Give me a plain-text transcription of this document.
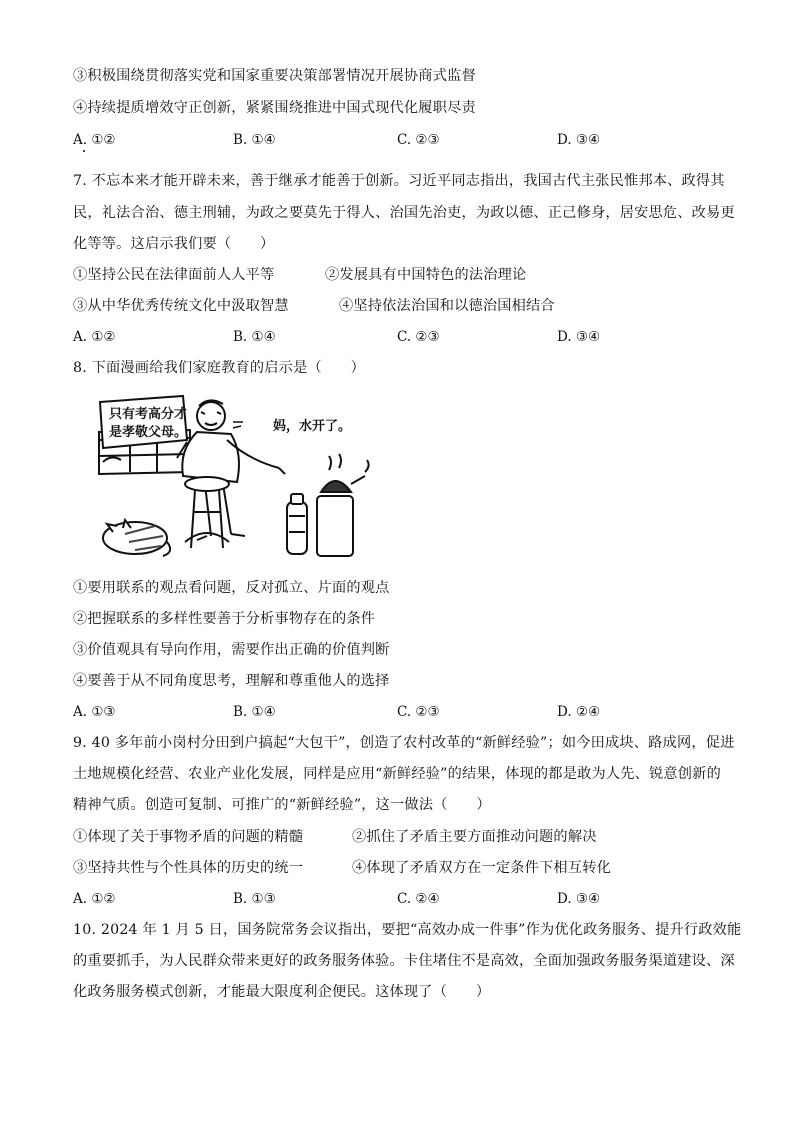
③积极围绕贯彻落实党和国家重要决策部署情况开展协商式监督
④持续提质增效守正创新，紧紧围绕推进中国式现代化履职尽责
A. ①②	B. ①④	C. ②③	D. ③④
7. 不忘本来才能开辟未来，善于继承才能善于创新。习近平同志指出，我国古代主张民惟邦本、政得其
民，礼法合治、德主刑辅，为政之要莫先于得人、治国先治吏，为政以德、正己修身，居安思危、改易更
化等等。这启示我们要（　　）
①坚持公民在法律面前人人平等	②发展具有中国特色的法治理论
③从中华优秀传统文化中汲取智慧	④坚持依法治国和以德治国相结合
A. ①②	B. ①④	C. ②③	D. ③④
8. 下面漫画给我们家庭教育的启示是（　　）
只有考高分才
是孝敬父母。	妈，水开了。
①要用联系的观点看问题，反对孤立、片面的观点
②把握联系的多样性要善于分析事物存在的条件
③价值观具有导向作用，需要作出正确的价值判断
④要善于从不同角度思考，理解和尊重他人的选择
A. ①③	B. ①④	C. ②③	D. ②④
9. 40 多年前小岗村分田到户搞起“大包干”，创造了农村改革的“新鲜经验”；如今田成块、路成网，促进
土地规模化经营、农业产业化发展，同样是应用“新鲜经验”的结果，体现的都是敢为人先、锐意创新的
精神气质。创造可复制、可推广的“新鲜经验”，这一做法（　　）
①体现了关于事物矛盾的问题的精髓	②抓住了矛盾主要方面推动问题的解决
③坚持共性与个性具体的历史的统一	④体现了矛盾双方在一定条件下相互转化
A. ①②	B. ①③	C. ②④	D. ③④
10. 2024 年 1 月 5 日，国务院常务会议指出，要把“高效办成一件事”作为优化政务服务、提升行政效能
的重要抓手，为人民群众带来更好的政务服务体验。卡住堵住不是高效，全面加强政务服务渠道建设、深
化政务服务模式创新，才能最大限度利企便民。这体现了（　　）
